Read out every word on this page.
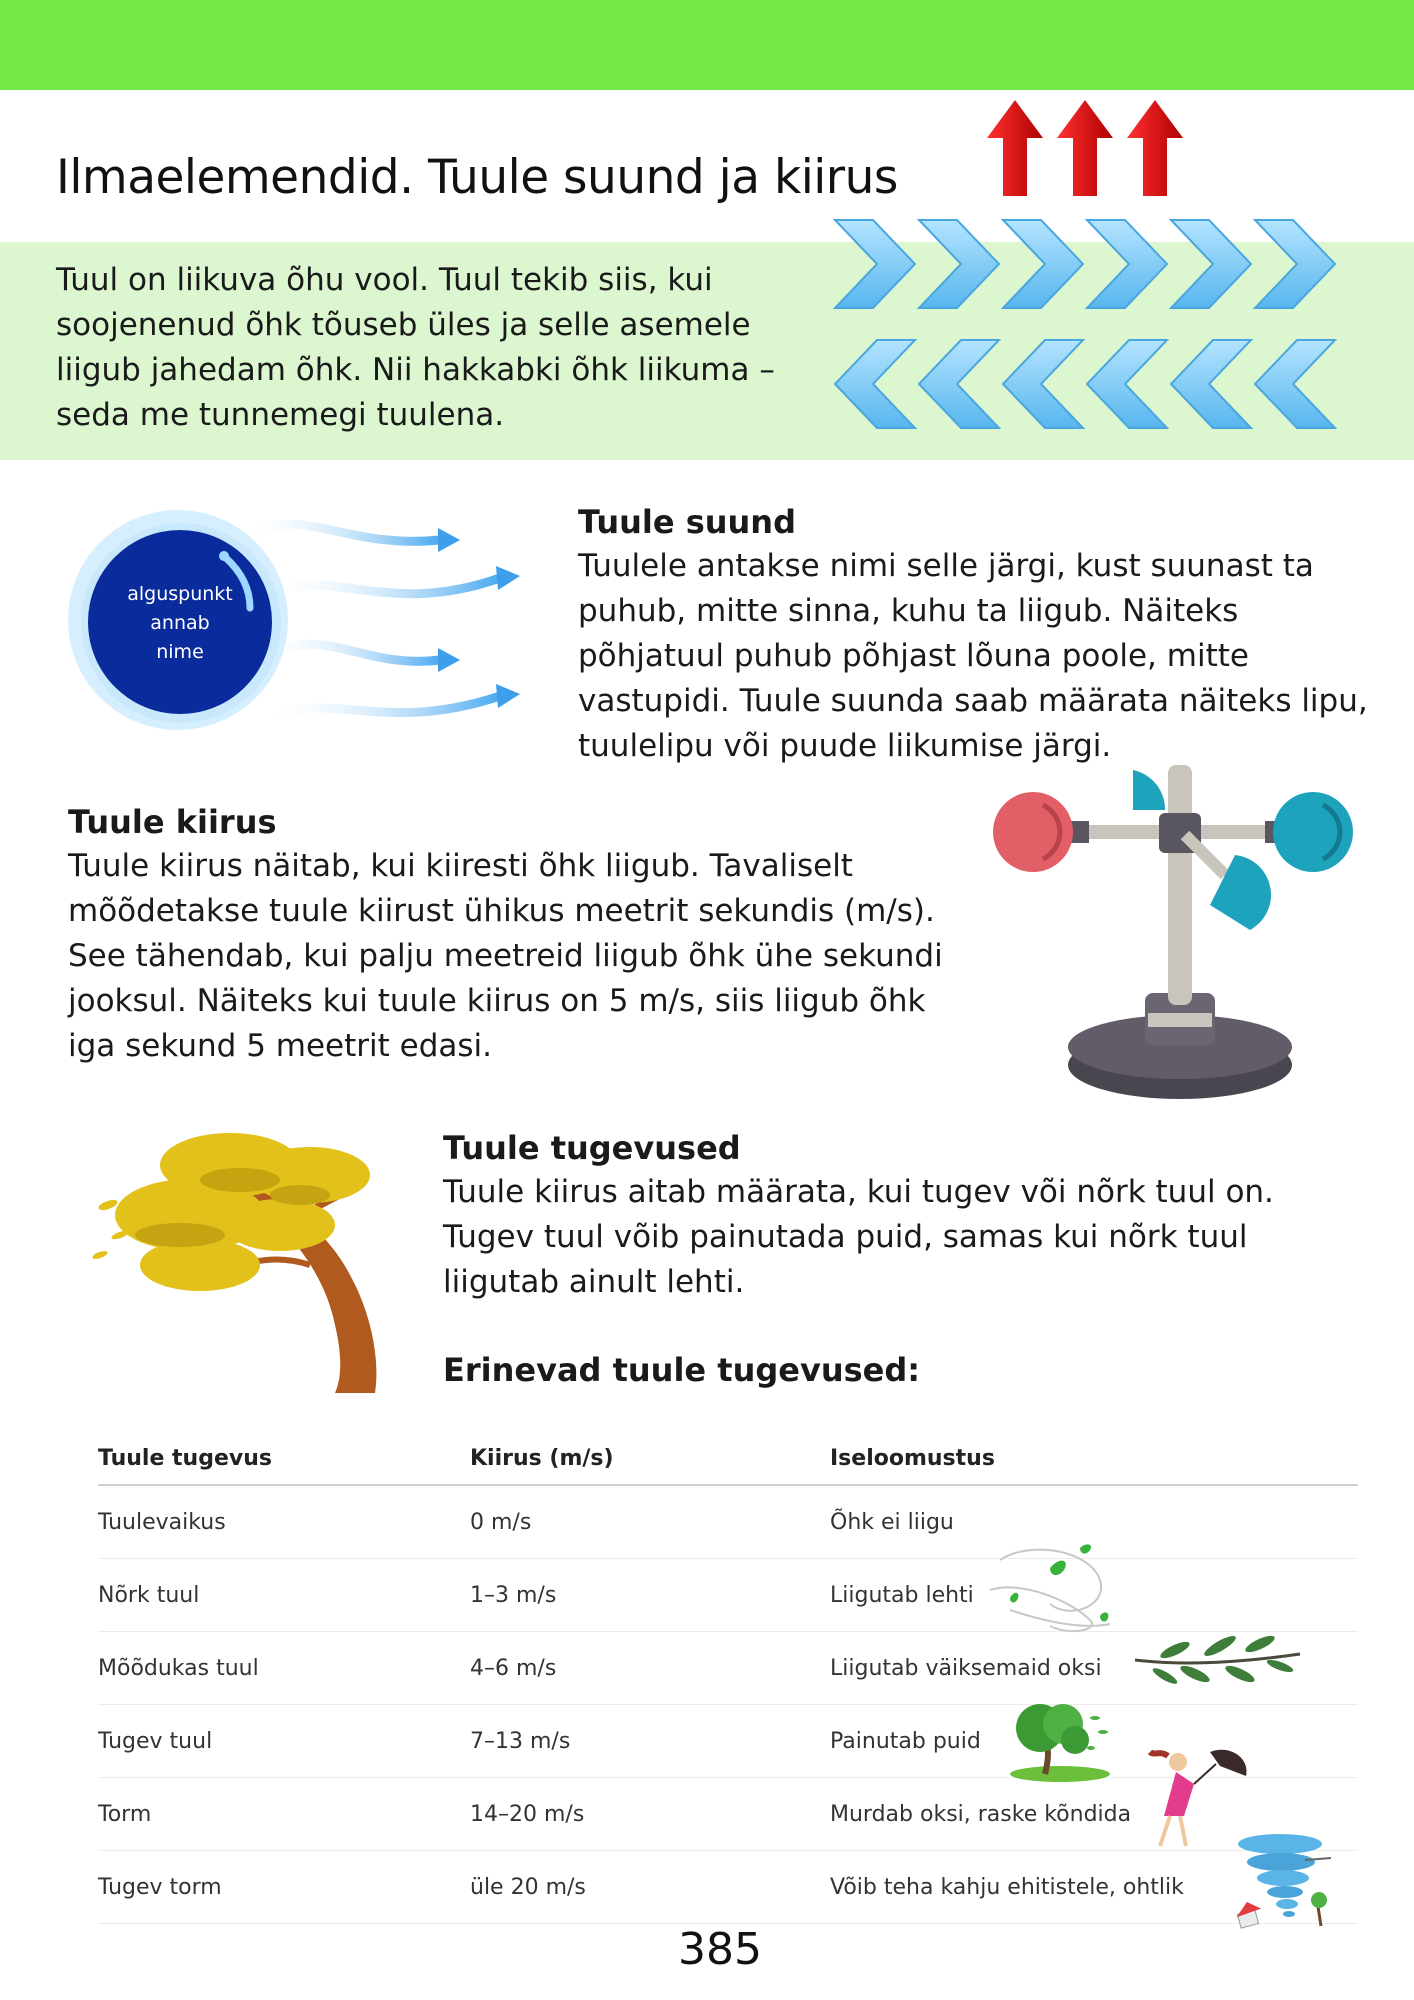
Ilmaelemendid. Tuule suund ja kiirus
Tuul on liikuva õhu vool. Tuul tekib siis, kui soojenenud õhk tõuseb üles ja selle asemele liigub jahedam õhk. Nii hakkabki õhk liikuma – seda me tunnemegi tuulena.
alguspunkt
annab
nime
Tuule suund
Tuulele antakse nimi selle järgi, kust suunast ta puhub, mitte sinna, kuhu ta liigub. Näiteks põhjatuul puhub põhjast lõuna poole, mitte vastupidi. Tuule suunda saab määrata näiteks lipu, tuulelipu või puude liikumise järgi.
Tuule kiirus
Tuule kiirus näitab, kui kiiresti õhk liigub. Tavaliselt mõõdetakse tuule kiirust ühikus meetrit sekundis (m/s). See tähendab, kui palju meetreid liigub õhk ühe sekundi jooksul. Näiteks kui tuule kiirus on 5 m/s, siis liigub õhk iga sekund 5 meetrit edasi.
Tuule tugevused
Tuule kiirus aitab määrata, kui tugev või nõrk tuul on. Tugev tuul võib painutada puid, samas kui nõrk tuul liigutab ainult lehti.
Erinevad tuule tugevused:
Tuule tugevus	Kiirus (m/s)	Iseloomustus
Tuulevaikus	0 m/s	Õhk ei liigu
Nõrk tuul	1–3 m/s	Liigutab lehti
Mõõdukas tuul	4–6 m/s	Liigutab väiksemaid oksi
Tugev tuul	7–13 m/s	Painutab puid
Torm	14–20 m/s	Murdab oksi, raske kõndida
Tugev torm	üle 20 m/s	Võib teha kahju ehitistele, ohtlik
385
